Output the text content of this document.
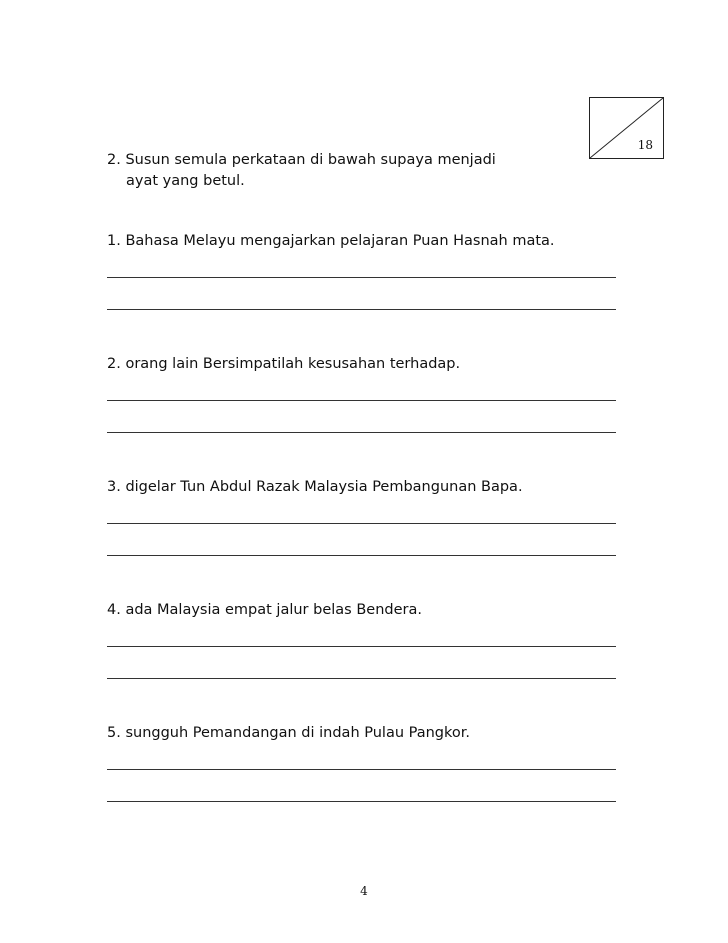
18
2. Susun semula perkataan di bawah supaya menjadi
ayat yang betul.
1. Bahasa Melayu mengajarkan pelajaran Puan Hasnah mata.
2. orang lain Bersimpatilah kesusahan terhadap.
3. digelar Tun Abdul Razak Malaysia Pembangunan Bapa.
4. ada Malaysia empat jalur belas Bendera.
5. sungguh Pemandangan di indah Pulau Pangkor.
4
